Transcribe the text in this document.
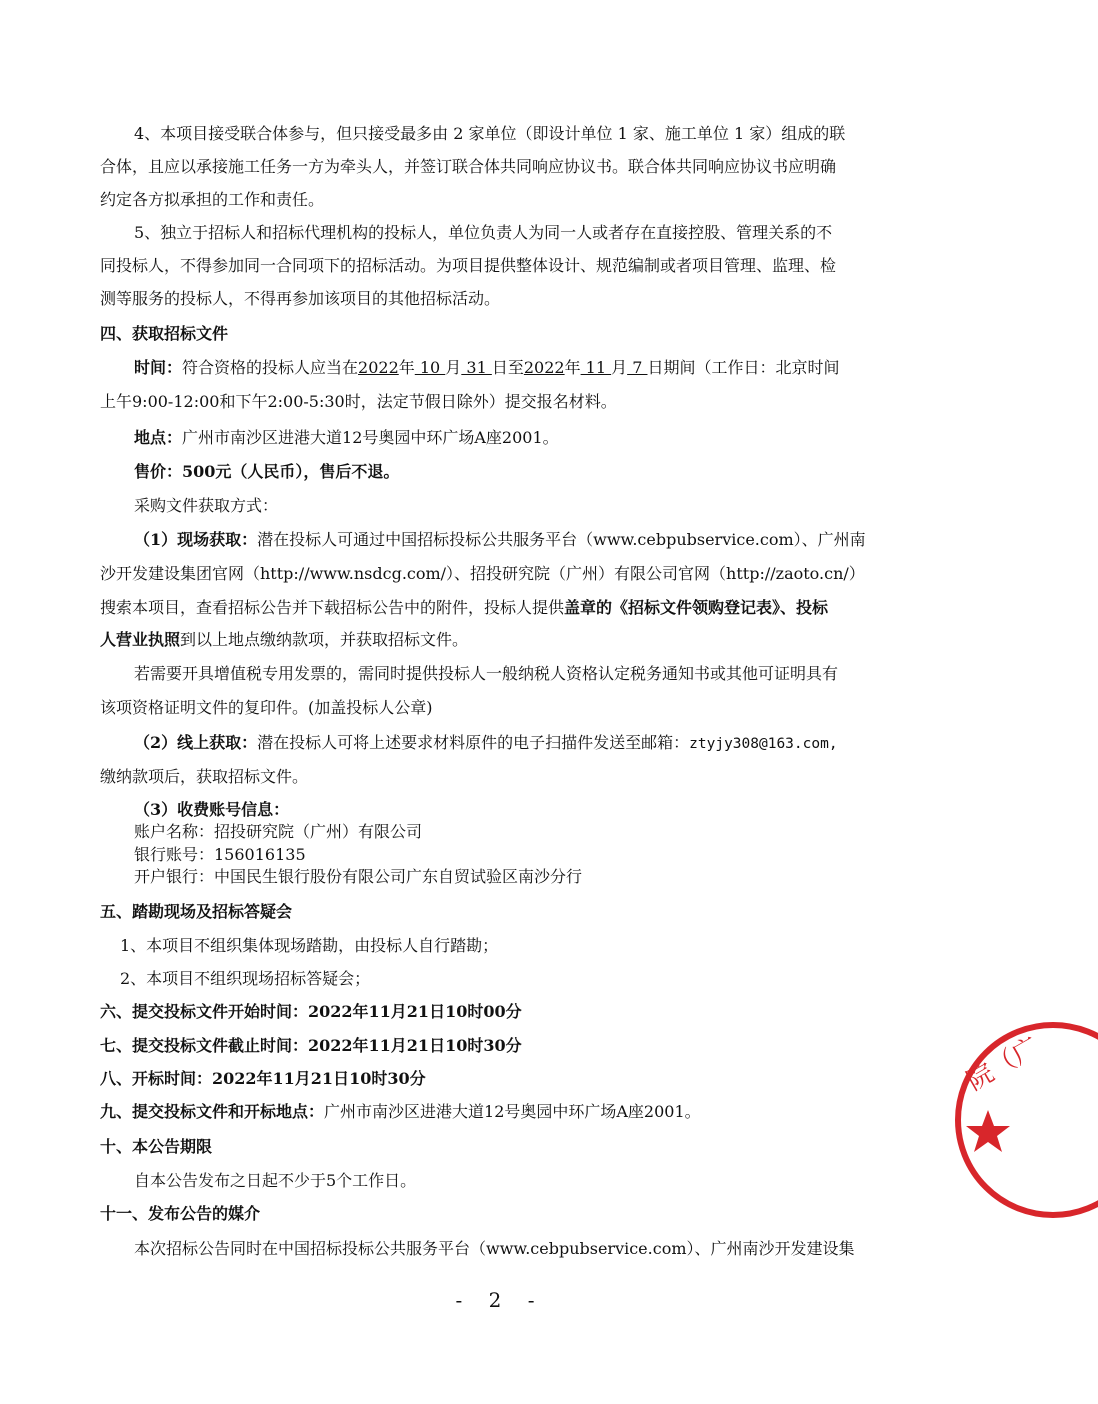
4、本项目接受联合体参与，但只接受最多由 2 家单位（即设计单位 1 家、施工单位 1 家）组成的联
合体，且应以承接施工任务一方为牵头人，并签订联合体共同响应协议书。联合体共同响应协议书应明确
约定各方拟承担的工作和责任。
5、独立于招标人和招标代理机构的投标人，单位负责人为同一人或者存在直接控股、管理关系的不
同投标人，不得参加同一合同项下的招标活动。为项目提供整体设计、规范编制或者项目管理、监理、检
测等服务的投标人，不得再参加该项目的其他招标活动。
四、获取招标文件
时间：符合资格的投标人应当在2022年 10 月 31 日至2022年 11 月 7 日期间（工作日：北京时间
上午9:00-12:00和下午2:00-5:30时，法定节假日除外）提交报名材料。
地点：广州市南沙区进港大道12号奥园中环广场A座2001。
售价：500元（人民币），售后不退。
采购文件获取方式：
（1）现场获取：潜在投标人可通过中国招标投标公共服务平台（www.cebpubservice.com）、广州南
沙开发建设集团官网（http://www.nsdcg.com/）、招投研究院（广州）有限公司官网（http://zaoto.cn/）
搜索本项目，查看招标公告并下载招标公告中的附件，投标人提供盖章的《招标文件领购登记表》、投标
人营业执照到以上地点缴纳款项，并获取招标文件。
若需要开具增值税专用发票的，需同时提供投标人一般纳税人资格认定税务通知书或其他可证明具有
该项资格证明文件的复印件。(加盖投标人公章)
（2）线上获取：潜在投标人可将上述要求材料原件的电子扫描件发送至邮箱：ztyjy308@163.com,
缴纳款项后，获取招标文件。
（3）收费账号信息：
账户名称：招投研究院（广州）有限公司
银行账号：156016135
开户银行：中国民生银行股份有限公司广东自贸试验区南沙分行
五、踏勘现场及招标答疑会
1、本项目不组织集体现场踏勘，由投标人自行踏勘；
2、本项目不组织现场招标答疑会；
六、提交投标文件开始时间：2022年11月21日10时00分
七、提交投标文件截止时间：2022年11月21日10时30分
八、开标时间：2022年11月21日10时30分
九、提交投标文件和开标地点：广州市南沙区进港大道12号奥园中环广场A座2001。
十、本公告期限
自本公告发布之日起不少于5个工作日。
十一、发布公告的媒介
本次招标公告同时在中国招标投标公共服务平台（www.cebpubservice.com）、广州南沙开发建设集
- 2 -
院（广
